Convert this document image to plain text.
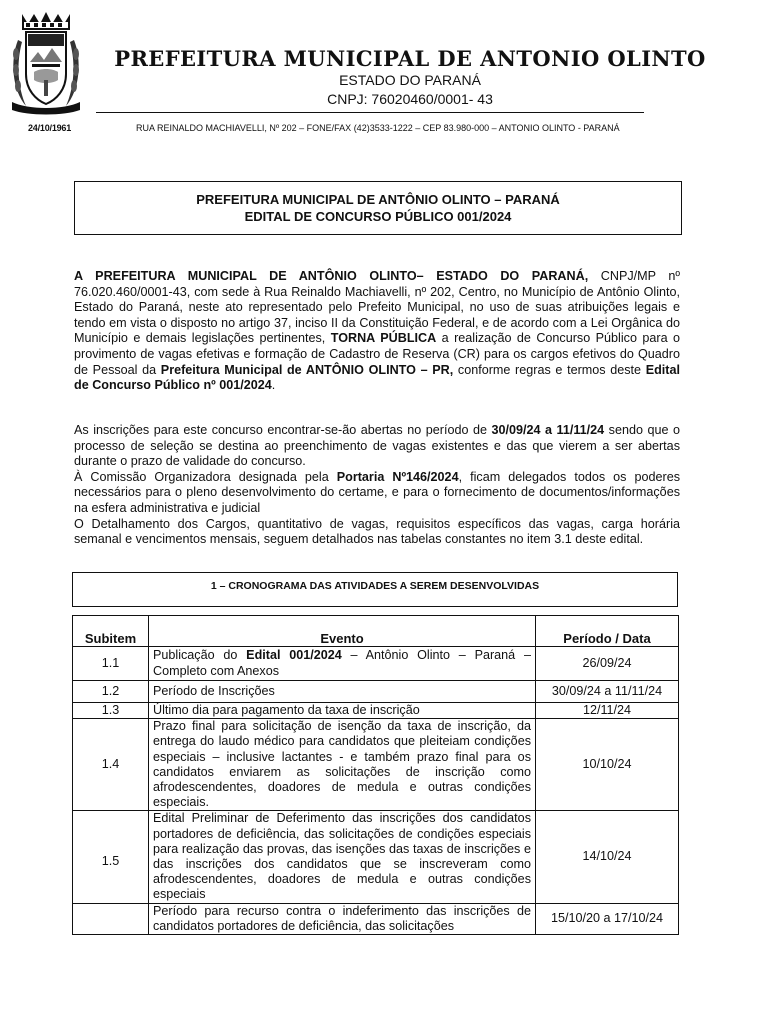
24/10/1961
PREFEITURA MUNICIPAL DE ANTONIO OLINTO
ESTADO DO PARANÁ
CNPJ: 76020460/0001- 43
RUA REINALDO MACHIAVELLI, Nº 202 – FONE/FAX (42)3533-1222 – CEP 83.980-000 – ANTONIO OLINTO - PARANÁ
PREFEITURA MUNICIPAL DE ANTÔNIO OLINTO – PARANÁ
EDITAL DE CONCURSO PÚBLICO 001/2024
A PREFEITURA MUNICIPAL DE ANTÔNIO OLINTO– ESTADO DO PARANÁ, CNPJ/MP nº 76.020.460/0001-43, com sede à Rua Reinaldo Machiavelli, nº 202, Centro, no Município de Antônio Olinto, Estado do Paraná, neste ato representado pelo Prefeito Municipal, no uso de suas atribuições legais e tendo em vista o disposto no artigo 37, inciso II da Constituição Federal, e de acordo com a Lei Orgânica do Município e demais legislações pertinentes, TORNA PÚBLICA a realização de Concurso Público para o provimento de vagas efetivas e formação de Cadastro de Reserva (CR) para os cargos efetivos do Quadro de Pessoal da Prefeitura Municipal de ANTÔNIO OLINTO – PR, conforme regras e termos deste Edital de Concurso Público nº 001/2024.
As inscrições para este concurso encontrar-se-ão abertas no período de 30/09/24 a 11/11/24 sendo que o processo de seleção se destina ao preenchimento de vagas existentes e das que vierem a ser abertas durante o prazo de validade do concurso.
À Comissão Organizadora designada pela Portaria Nº146/2024, ficam delegados todos os poderes necessários para o pleno desenvolvimento do certame, e para o fornecimento de documentos/informações na esfera administrativa e judicial
O Detalhamento dos Cargos, quantitativo de vagas, requisitos específicos das vagas, carga horária semanal e vencimentos mensais, seguem detalhados nas tabelas constantes no item 3.1 deste edital.
1 – CRONOGRAMA DAS ATIVIDADES A SEREM DESENVOLVIDAS
Subitem	Evento	Período / Data
1.1	Publicação do Edital 001/2024 – Antônio Olinto – Paraná – Completo com Anexos	26/09/24
1.2	Período de Inscrições	30/09/24 a 11/11/24
1.3	Último dia para pagamento da taxa de inscrição	12/11/24
1.4	Prazo final para solicitação de isenção da taxa de inscrição, da entrega do laudo médico para candidatos que pleiteiam condições especiais – inclusive lactantes - e também prazo final para os candidatos enviarem as solicitações de inscrição como afrodescendentes, doadores de medula e outras condições especiais.	10/10/24
1.5	Edital Preliminar de Deferimento das inscrições dos candidatos portadores de deficiência, das solicitações de condições especiais para realização das provas, das isenções das taxas de inscrições e das inscrições dos candidatos que se inscreveram como afrodescendentes, doadores de medula e outras condições especiais	14/10/24
	Período para recurso contra o indeferimento das inscrições de candidatos portadores de deficiência, das solicitações	15/10/20 a 17/10/24
